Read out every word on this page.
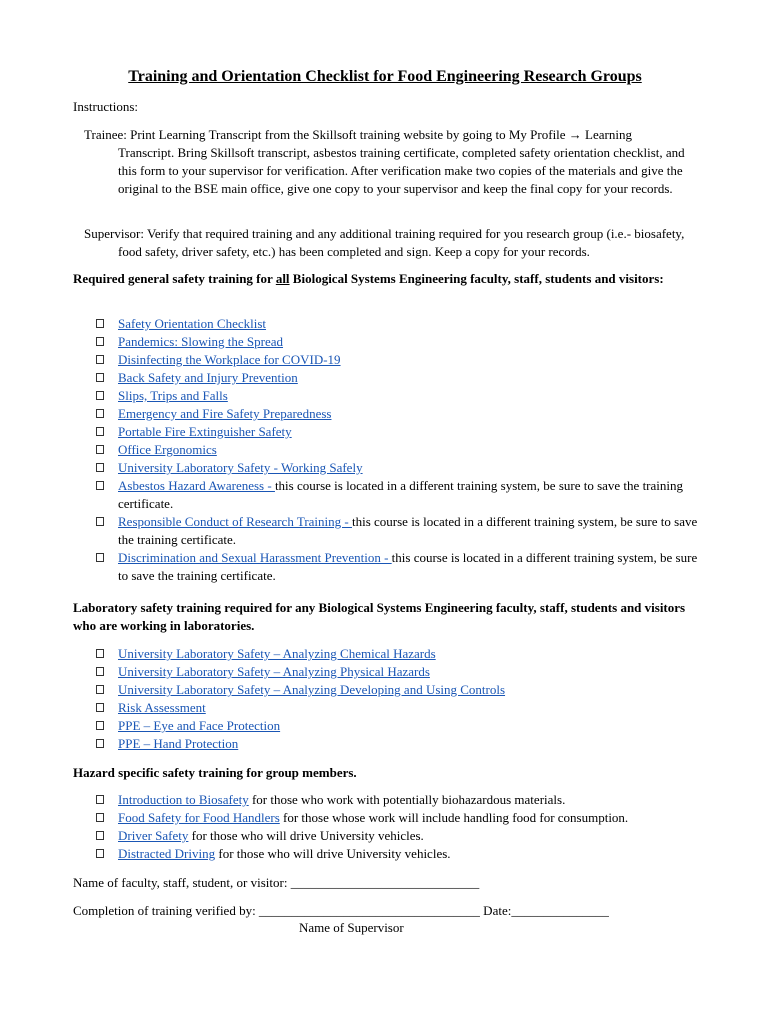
Training and Orientation Checklist for Food Engineering Research Groups
Instructions:
Trainee: Print Learning Transcript from the Skillsoft training website by going to My Profile → Learning Transcript. Bring Skillsoft transcript, asbestos training certificate, completed safety orientation checklist, and this form to your supervisor for verification. After verification make two copies of the materials and give the original to the BSE main office, give one copy to your supervisor and keep the final copy for your records.
Supervisor: Verify that required training and any additional training required for you research group (i.e.- biosafety, food safety, driver safety, etc.) has been completed and sign. Keep a copy for your records.
Required general safety training for all Biological Systems Engineering faculty, staff, students and visitors:
Safety Orientation Checklist
Pandemics: Slowing the Spread
Disinfecting the Workplace for COVID-19
Back Safety and Injury Prevention
Slips, Trips and Falls
Emergency and Fire Safety Preparedness
Portable Fire Extinguisher Safety
Office Ergonomics
University Laboratory Safety - Working Safely
Asbestos Hazard Awareness - this course is located in a different training system, be sure to save the training certificate.
Responsible Conduct of Research Training - this course is located in a different training system, be sure to save the training certificate.
Discrimination and Sexual Harassment Prevention - this course is located in a different training system, be sure to save the training certificate.
Laboratory safety training required for any Biological Systems Engineering faculty, staff, students and visitors who are working in laboratories.
University Laboratory Safety – Analyzing Chemical Hazards
University Laboratory Safety – Analyzing Physical Hazards
University Laboratory Safety – Analyzing Developing and Using Controls
Risk Assessment
PPE – Eye and Face Protection
PPE – Hand Protection
Hazard specific safety training for group members.
Introduction to Biosafety for those who work with potentially biohazardous materials.
Food Safety for Food Handlers for those whose work will include handling food for consumption.
Driver Safety for those who will drive University vehicles.
Distracted Driving for those who will drive University vehicles.
Name of faculty, staff, student, or visitor: _____________________________
Completion of training verified by: __________________________________ Date:_______________
Name of Supervisor
